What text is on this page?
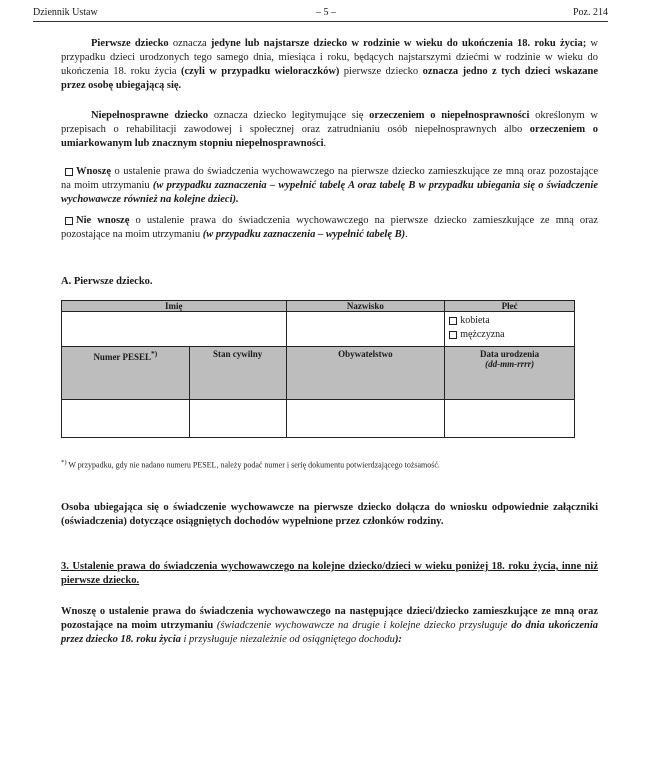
Dziennik Ustaw	– 5 –	Poz. 214
Pierwsze dziecko oznacza jedyne lub najstarsze dziecko w rodzinie w wieku do ukończenia 18. roku życia; w przypadku dzieci urodzonych tego samego dnia, miesiąca i roku, będących najstarszymi dziećmi w rodzinie w wieku do ukończenia 18. roku życia (czyli w przypadku wieloraczków) pierwsze dziecko oznacza jedno z tych dzieci wskazane przez osobę ubiegającą się.
Niepełnosprawne dziecko oznacza dziecko legitymujące się orzeczeniem o niepełnosprawności określonym w przepisach o rehabilitacji zawodowej i społecznej oraz zatrudnianiu osób niepełnosprawnych albo orzeczeniem o umiarkowanym lub znacznym stopniu niepełnosprawności.
Wnoszę o ustalenie prawa do świadczenia wychowawczego na pierwsze dziecko zamieszkujące ze mną oraz pozostające na moim utrzymaniu (w przypadku zaznaczenia – wypełnić tabelę A oraz tabelę B w przypadku ubiegania się o świadczenie wychowawcze również na kolejne dzieci).
Nie wnoszę o ustalenie prawa do świadczenia wychowawczego na pierwsze dziecko zamieszkujące ze mną oraz pozostające na moim utrzymaniu (w przypadku zaznaczenia – wypełnić tabelę B).
A. Pierwsze dziecko.
Imię		Nazwisko	Płeć

			kobieta
mężczyzna

Numer PESEL*)	Stan cywilny	Obywatelstwo	Data urodzenia
(dd-mm-rrrr)

*) W przypadku, gdy nie nadano numeru PESEL, należy podać numer i serię dokumentu potwierdzającego tożsamość.
Osoba ubiegająca się o świadczenie wychowawcze na pierwsze dziecko dołącza do wniosku odpowiednie załączniki (oświadczenia) dotyczące osiągniętych dochodów wypełnione przez członków rodziny.
3. Ustalenie prawa do świadczenia wychowawczego na kolejne dziecko/dzieci w wieku poniżej 18. roku życia, inne niż pierwsze dziecko.
Wnoszę o ustalenie prawa do świadczenia wychowawczego na następujące dzieci/dziecko zamieszkujące ze mną oraz pozostające na moim utrzymaniu (świadczenie wychowawcze na drugie i kolejne dziecko przysługuje do dnia ukończenia przez dziecko 18. roku życia i przysługuje niezależnie od osiągniętego dochodu):
